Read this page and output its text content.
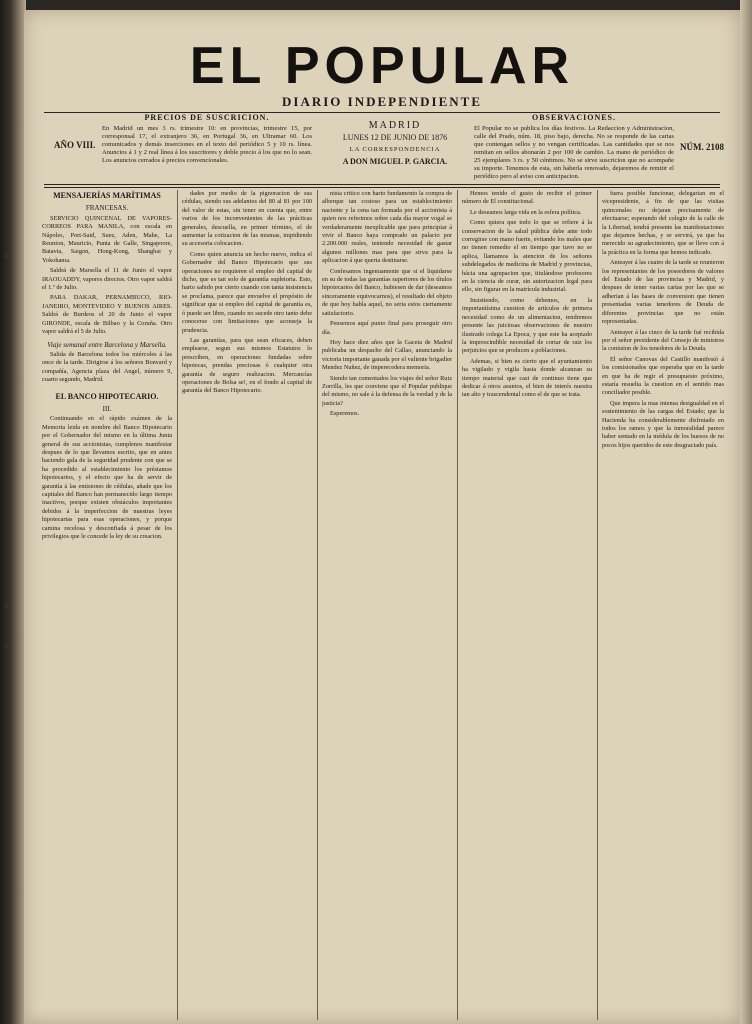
o
a
n
EL POPULAR
DIARIO INDEPENDIENTE
AÑO VIII.
PRECIOS DE SUSCRICION.
En Madrid un mes 3 rs. trimestre 10: en provincias, trimestre 15, por corresponsal 17, el extranjero 36, en Portugal 36, en Ultramar 60. Los comunicados y demás inserciones en el texto del periódico 5 y 10 rs. línea. Anuncios á 1 y 2 real línea á los suscritores y doble precio á los que no lo sean. Los anuncios cerrados á precios convencionales.
MADRID
LUNES 12 DE JUNIO DE 1876
LA CORRESPONDENCIA
A DON MIGUEL P. GARCIA.
OBSERVACIONES.
El Popular no se publica los días festivos. La Redaccion y Administracion, calle del Prado, núm. 18, piso bajo, derecha. No se responde de las cartas que contengan sellos y no vengan certificadas. Las cantidades que se nos remitan en sellos abonarán 2 por 100 de cambio. La mano de periódico de 25 ejemplares 3 rs. y 50 céntimos. No se sirve suscricion que no acompañe su importe. Tenemos de esta, sin haberla renovado, dejaremos de remitir el periódico pero al aviso con anticipacion.
NÚM. 2108
MENSAJERÍAS MARÍTIMAS
FRANCESAS.

SERVICIO QUINCENAL DE VAPORES-CORREOS PARA MANILA, con escala en Nápoles, Port-Said, Suez, Aden, Mahe, La Reunion, Mauricio, Punta de Galle, Singapoore, Batavia, Saigon, Hong-Kong, Shanghai y Yokohama.

Saldrá de Marsella el 11 de Junio el vapor IRAOUADDY, vapores directos. Otro vapor saldrá el 1.º de Julio.

PARA DAKAR, PERNAMBUCO, RIO-JANEIRO, MONTEVIDEO Y BUENOS AIRES. Saldrá de Burdeos el 20 de Junio el vapor GIRONDE, escala de Bilbao y la Coruña. Otro vapor saldrá el 5 de Julio.

Viaje semanal entre Barcelona y Marsella.

Salida de Barcelona todos los miércoles á las once de la tarde. Dirigirse á los señores Bonvard y compañía, Agencia plaza del Angel, número 9, cuarto segundo, Madrid.

EL BANCO HIPOTECARIO.
III.

Continuando en el rápido exámen de la Memoria leida en nombre del Banco Hipotecario por el Gobernador del mismo en la última Junta general de sus accionistas, cumplenos manifestar despues de lo que llevamos escrito, que en antes haciendo gala de la seguridad prudente con que se ha procedido al establecimiento los préstamos hipotecarios, y el efecto que ha de servir de garantía á las emisiones de cédulas, añade que los capitales del Banco han permanecido largo tiempo inactivos, porque existen obstáculos importantes debidos á la imperfeccion de nuestras leyes hipotecarias para esas operaciones, y porque camina recelosa y desconfiada á pesar de los privilegios que le concede la ley de su creacion.

dades por medio de la pignoracion de sus cédulas, siendo sus adelantos del 80 al 81 por 100 del valor de estas, sin tener en cuenta que, entre varios de los inconvenientes de las prácticas generales, descuella, en primer término, el de aumentar la cotizacion de las mismas, impidiendo su accesoria colocacion.

Como quien anuncia un hecho nuevo, indica el Gobernador del Banco Hipotecario que sus operaciones no requieren el empleo del capital de dicho, que es tan solo de garantía supletoria. Esto, harto sabido por cierto cuando con tanta insistencia se proclama, parece que envuelve el propósito de significar que si empleo del capital de garantía es, ó puede ser libre, cuando no sucede otro tanto debe conocerse con limitaciones que aconseja la prudencia.

Las garantías, para que sean eficaces, deben emplearse, segun sus mismos Estatutos lo prescriben, en operaciones fundadas sobre hipotecas, prendas preciosas ó cualquier otra garantía de seguro realizacion. Mercancías operaciones de Bolsa se!, en el fondo al capital de garantía del Banco Hipotecario.

nista critico con harto fundamento la compra de alberque tan costoso para un establecimiento naciente y la cena tan formada por el accionista á quien nos referimos sobre cada día mayor vogal se verdaderamente inexplicable que para principiar á vivir el Banco haya comprado un palacio por 2.200.000 reales, teniendo necesidad de gastar algunos millones mas para que sirva para la aplicacion á que queria destinarse.

Confesamos ingenuamente que si el liquidarse en su de todas las garantías superiores de los títulos hipotecarios del Banco, hubiesen de dar (deseamos sinceramente equivocarnos), el resultado del objeto de que hoy habla aquel, no seria estos ciertamente satisfactorio.

Pensemos aquí punto final para proseguir otro día.

Hoy hace diez años que la Gaceta de Madrid publicaba un despacho del Callao, anunciando la victoria importante ganada por el valiente brigadier Mendez Nuñez, de imperecedera memoria.

Siendo tan comentados los viajes del señor Ruiz Zorrilla, les que conviene que el Popular publique del mismo, no sale á la defensa de la verdad y de la justicia?

Esperemos.

Hemos tenido el gusto de recibir el primer número de El constitucional.

Le deseamos larga vida en la esfera política.

Como quiera que todo lo que se refiere á la conservacion de la salud pública debe ante todo corregirse con mano fuerte, evitando los males que no tienen remedio el en tiempo que tuvo no se aplica, llamamos la atencion de los señores subdelegados de medicina de Madrid y provincias, hácia una agrupacion que, titulándose profesores en la ciencia de curar, sin autorizacion legal para ello, sin figurar en la matrícula industrial.

Insistiendo, como debemos, en la importantísima cuestion de artículos de primera necesidad como de un alimentacion, tendremos presente las juiciosas observaciones de nuestro ilustrado colega La Epoca, y que este ha aceptado la imprescindible necesidad de cortar de raiz los perjuicios que se producen a poblaciones.

Ademas, si bien es cierto que el ayuntamiento ha vigilado y vigila hasta donde alcanzan su tiempo material que casi de continuo tiene que dedicar á otros asuntos, el bien de interés nuestra tan alto y trascendental como el de que se trata.

fuera posible funcionar, delegarian en el vicepresidente, á fin de que las visitas quincenales no dejaran precisamente de efectuarse; esperando del colegio de la calle de la Libertad, tendrá presente las manifestaciones que dejamos hechas, y se servirá, ya que ha merecido su agradecimiento, que se lleve con á la práctica en la forma que hemos indicado.

Anteayer á las cuatro de la tarde se reunieron los representantes de los poseedores de valores del Estado de las provincias y Madrid, y despues de tener varias cartas por las que se adherian á las bases de conversion que tienen presentadas varias tenedores de Deuda de diferentes provincias que no están representadas.

Anteayer á las cinco de la tarde fué recibida por el señor presidente del Consejo de ministros la comision de los tenedores de la Deuda.

El señor Canovas del Castillo manifestó á los comisionados que esperaba que en la tarde en que ha de regir el presupuesto próximo, estaría resuelta la cuestion en el sentido mas conciliador posible.

Que impera la mas intensa desigualdad en el sostenimiento de las cargas del Estado; que la Hacienda ha considerablemente disfrutado en todos los ramos y que la inmoralidad parece haber sentado en la médula de los huesos de no pocos hijos queridos de este desgraciado país.
